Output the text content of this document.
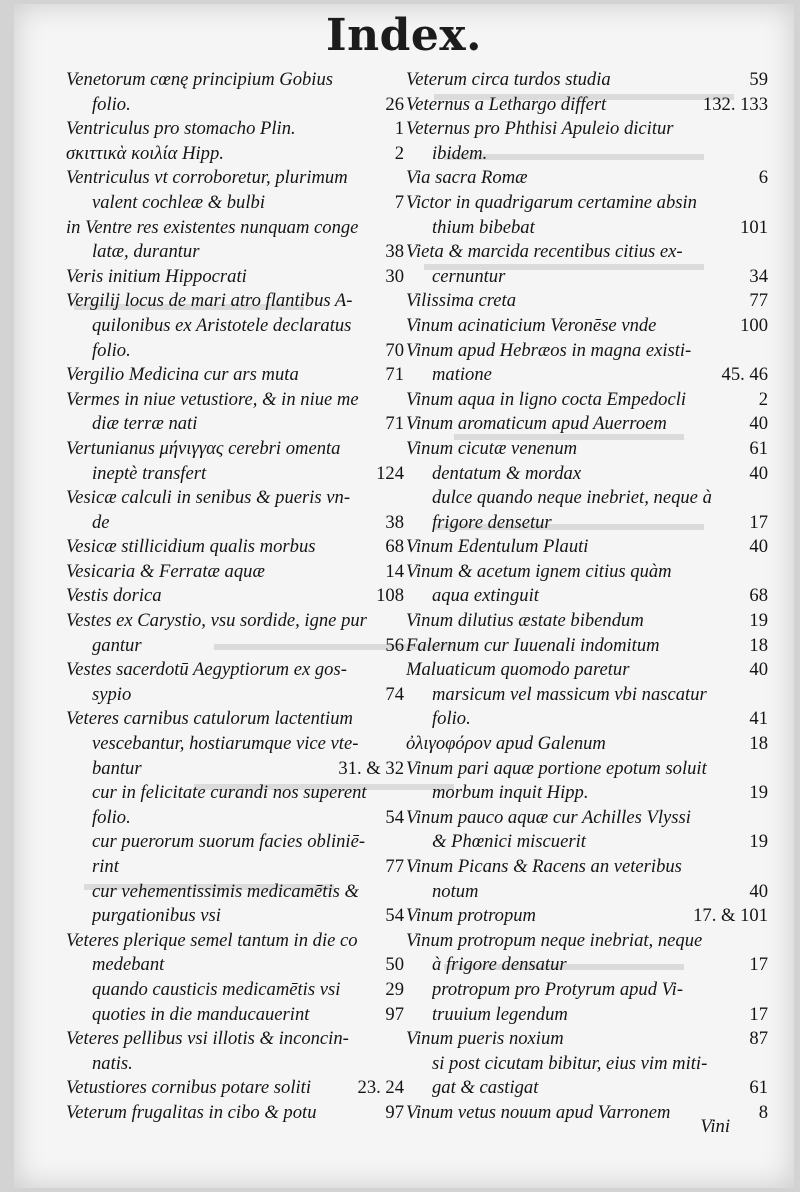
Index.
Venetorum cœnę principium Gobius
folio.	26
Ventriculus pro stomacho Plin.	1
σκιττικὰ κοιλία Hipp.	2
Ventriculus vt corroboretur, plurimum
valent cochleæ & bulbi	7
in Ventre res existentes nunquam conge
latæ, durantur	38
Veris initium Hippocrati	30
Vergilij locus de mari atro flantibus A-
quilonibus ex Aristotele declaratus
folio.	70
Vergilio Medicina cur ars muta	71
Vermes in niue vetustiore, & in niue me
diæ terræ nati	71
Vertunianus μήνιγγας cerebri omenta
ineptè transfert	124
Vesicæ calculi in senibus & pueris vn-
de	38
Vesicæ stillicidium qualis morbus	68
Vesicaria & Ferratæ aquæ	14
Vestis dorica	108
Vestes ex Carystio, vsu sordide, igne pur
gantur	56
Vestes sacerdotū Aegyptiorum ex gos-
sypio	74
Veteres carnibus catulorum lactentium
vescebantur, hostiarumque vice vte-
bantur	31. & 32
cur in felicitate curandi nos superent
folio.	54
cur puerorum suorum facies obliniē-
rint	77
cur vehementissimis medicamētis &
purgationibus vsi	54
Veteres plerique semel tantum in die co
medebant	50
quando causticis medicamētis vsi	29
quoties in die manducauerint	97
Veteres pellibus vsi illotis & inconcin-
natis.
Vetustiores cornibus potare soliti	23. 24
Veterum frugalitas in cibo & potu	97
Veterum circa turdos studia	59
Veternus a Lethargo differt	132. 133
Veternus pro Phthisi Apuleio dicitur
ibidem.
Via sacra Romæ	6
Victor in quadrigarum certamine absin
thium bibebat	101
Vieta & marcida recentibus citius ex-
cernuntur	34
Vilissima creta	77
Vinum acinaticium Veronēse vnde	100
Vinum apud Hebræos in magna existi-
matione	45. 46
Vinum aqua in ligno cocta Empedocli	2
Vinum aromaticum apud Auerroem	40
Vinum cicutæ venenum	61
dentatum & mordax	40
dulce quando neque inebriet, neque à
frigore densetur	17
Vinum Edentulum Plauti	40
Vinum & acetum ignem citius quàm
aqua extinguit	68
Vinum dilutius æstate bibendum	19
Falernum cur Iuuenali indomitum	18
Maluaticum quomodo paretur	40
marsicum vel massicum vbi nascatur
folio.	41
ὀλιγοφόρον apud Galenum	18
Vinum pari aquæ portione epotum soluit
morbum inquit Hipp.	19
Vinum pauco aquæ cur Achilles Vlyssi
& Phœnici miscuerit	19
Vinum Picans & Racens an veteribus
notum	40
Vinum protropum	17. & 101
Vinum protropum neque inebriat, neque
à frigore densatur	17
protropum pro Protyrum apud Vi-
truuium legendum	17
Vinum pueris noxium	87
si post cicutam bibitur, eius vim miti-
gat & castigat	61
Vinum vetus nouum apud Varronem	8
Vini
